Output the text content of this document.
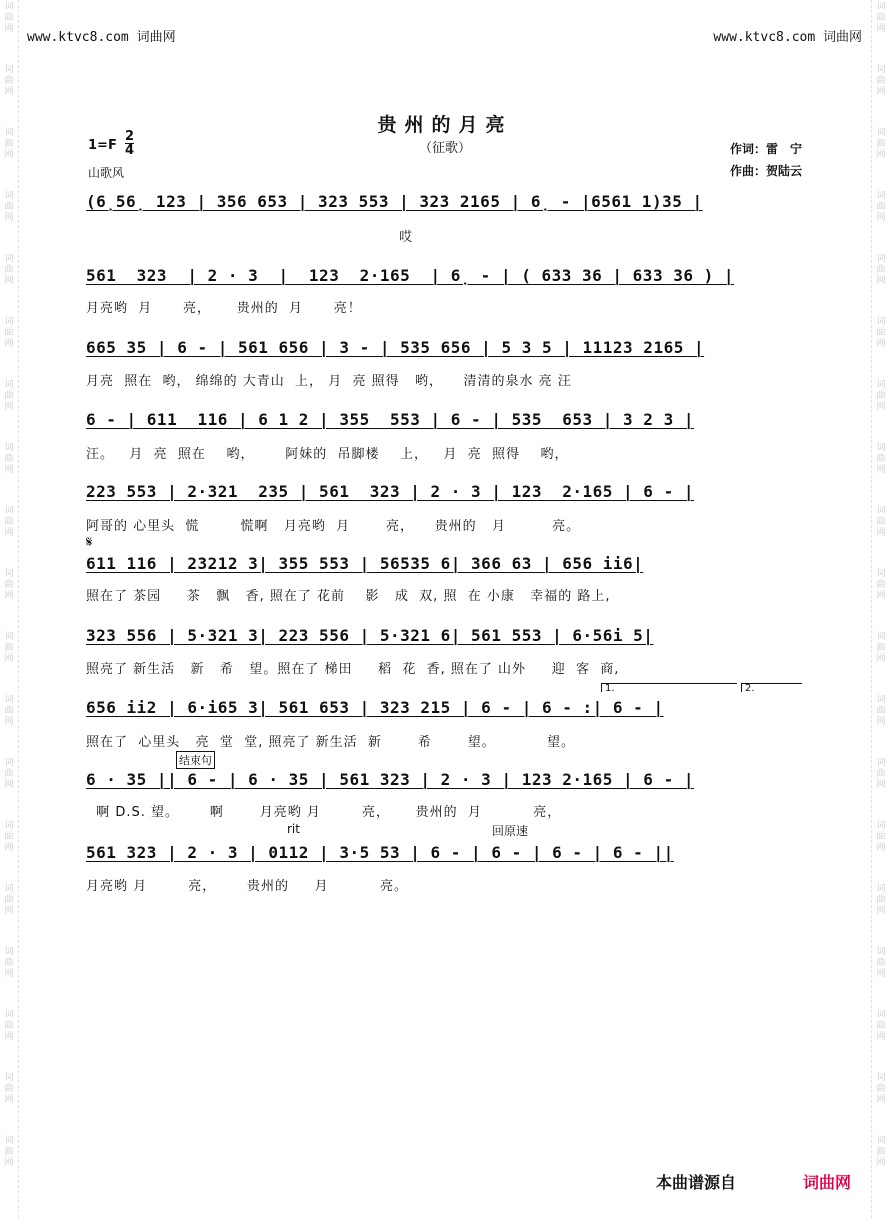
词
曲
网
词
曲
网
词
曲
网
词
曲
网
词
曲
网
词
曲
网
词
曲
网
词
曲
网
词
曲
网
词
曲
网
词
曲
网
词
曲
网
词
曲
网
词
曲
网
词
曲
网
词
曲
网
词
曲
网
词
曲
网
词
曲
网
词
曲
网
词
曲
网
词
曲
网
词
曲
网
词
曲
网
词
曲
网
词
曲
网
词
曲
网
词
曲
网
词
曲
网
词
曲
网
词
曲
网
词
曲
网
词
曲
网
词
曲
网
词
曲
网
词
曲
网
词
曲
网
词
曲
网
www.ktvc8.com 词曲网	www.ktvc8.com 词曲网
贵州的月亮
（征歌）
$1=F \frac{2}{4}$
山歌风
作词：雷　宁
作曲：贺陆云
(6̣56̣ 123 | 356 653 | 323 553 | 323 2165 | 6̣ - |6561 1)35 |
哎
561  323  | 2 · 3  |  123  2·165  | 6̣ - | ( 633 36 | 633 36 ) |
月亮哟  月      亮，     贵州的  月      亮！
665 35 | 6 - | 561 656 | 3 - | 535 656 | 5 3 5 | 11123 2165 |
月亮  照在  哟， 绵绵的 大青山  上， 月  亮 照得   哟，    清清的泉水 亮 汪
6 - | 611  116 | 6 1 2 | 355  553 | 6 - | 535  653 | 3 2 3 |
汪。   月  亮  照在    哟，      阿妹的  吊脚楼    上，   月  亮  照得    哟，
223 553 | 2·321  235 | 561  323 | 2 · 3 | 123  2·165 | 6 - |
阿哥的 心里头  慌        慌啊   月亮哟  月       亮，    贵州的   月         亮。
611 116 | 23212 3| 355 553 | 56535 6| 366 63 | 656 ii6|
照在了 茶园     茶   飘   香, 照在了 花前    影   成  双, 照  在 小康   幸福的 路上,
323 556 | 5·321 3| 223 556 | 5·321 6| 561 553 | 6·56i 5|
照亮了 新生活   新   希   望。照在了 梯田     稻  花  香, 照在了 山外     迎  客  商,
656 ii2 | 6·i65 3| 561 653 | 323 215 | 6 - | 6 - :| 6 - |
照在了  心里头   亮  堂  堂, 照亮了 新生活  新       希       望。          望。
6 · 35 || 6 - | 6 · 35 | 561 323 | 2 · 3 | 123 2·165 | 6 - |
啊 D.S. 望。      啊       月亮哟 月        亮，     贵州的  月          亮，
561 323 | 2 · 3 | 0112 | 3·5 53 | 6 - | 6 - | 6 - | 6 - ||
月亮哟 月        亮，      贵州的     月          亮。
结束句
rit	回原速
1.	2.
𝄋
本曲谱源自	词曲网
